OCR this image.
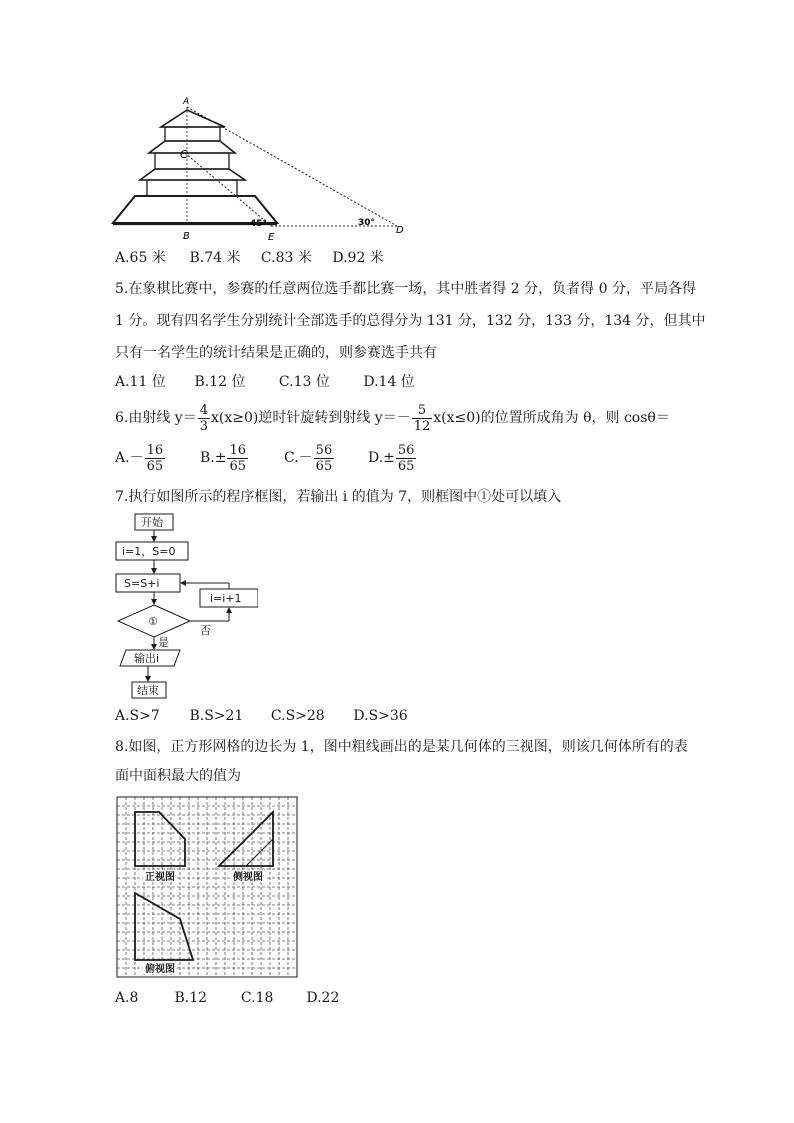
A
C
B	E
D
45°	30°
A.65 米 B.74 米 C.83 米 D.92 米
5.在象棋比赛中，参赛的任意两位选手都比赛一场，其中胜者得 2 分，负者得 0 分，平局各得
1 分。现有四名学生分别统计全部选手的总得分为 131 分，132 分，133 分，134 分，但其中
只有一名学生的统计结果是正确的，则参赛选手共有
A.11 位 B.12 位 C.13 位 D.14 位
6.由射线 $y= \frac{4}{3} x(x\ge 0)$逆时针旋转到射线 $y=- \frac{5}{12} x(x\le 0)$的位置所成角为 θ，则 cosθ＝
$A.- \frac{16}{65} B.\pm \frac{16}{65}$	$C.- \frac{56}{65} D.\pm \frac{56}{65}$
7.执行如图所示的程序框图，若输出 i 的值为 7，则框图中①处可以填入
开始
i=1，S=0
S=S+i
①
i=i+1
否
是
输出i
结束
A.S>7 B.S>21 C.S>28 D.S>36
8.如图，正方形网格的边长为 1，图中粗线画出的是某几何体的三视图，则该几何体所有的表
面中面积最大的值为
正视图	侧视图
俯视图
A.8	B.12 C.18 D.22
